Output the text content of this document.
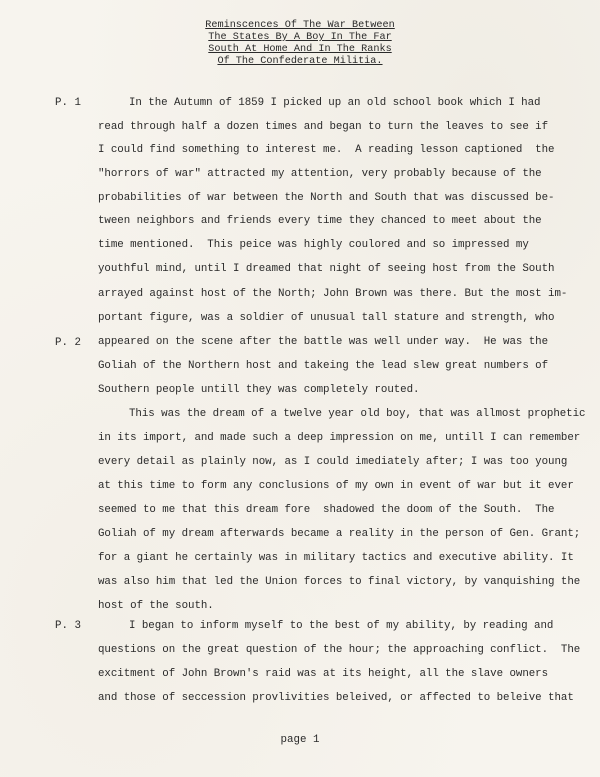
Reminscences Of The War Between
The States By A Boy In The Far
South At Home And In The Ranks
Of The Confederate Militia.
P. 1
P. 2
P. 3
In the Autumn of 1859 I picked up an old school book which I had
read through half a dozen times and began to turn the leaves to see if
I could find something to interest me.  A reading lesson captioned  the
"horrors of war" attracted my attention, very probably because of the
probabilities of war between the North and South that was discussed be-
tween neighbors and friends every time they chanced to meet about the
time mentioned.  This peice was highly coulored and so impressed my
youthful mind, until I dreamed that night of seeing host from the South
arrayed against host of the North; John Brown was there. But the most im-
portant figure, was a soldier of unusual tall stature and strength, who
appeared on the scene after the battle was well under way.  He was the
Goliah of the Northern host and takeing the lead slew great numbers of
Southern people untill they was completely routed.
This was the dream of a twelve year old boy, that was allmost prophetic
in its import, and made such a deep impression on me, untill I can remember
every detail as plainly now, as I could imediately after; I was too young
at this time to form any conclusions of my own in event of war but it ever
seemed to me that this dream fore  shadowed the doom of the South.  The
Goliah of my dream afterwards became a reality in the person of Gen. Grant;
for a giant he certainly was in military tactics and executive ability. It
was also him that led the Union forces to final victory, by vanquishing the
host of the south.
I began to inform myself to the best of my ability, by reading and
questions on the great question of the hour; the approaching conflict.  The
excitment of John Brown's raid was at its height, all the slave owners
and those of seccession provlivities beleived, or affected to beleive that
page 1
